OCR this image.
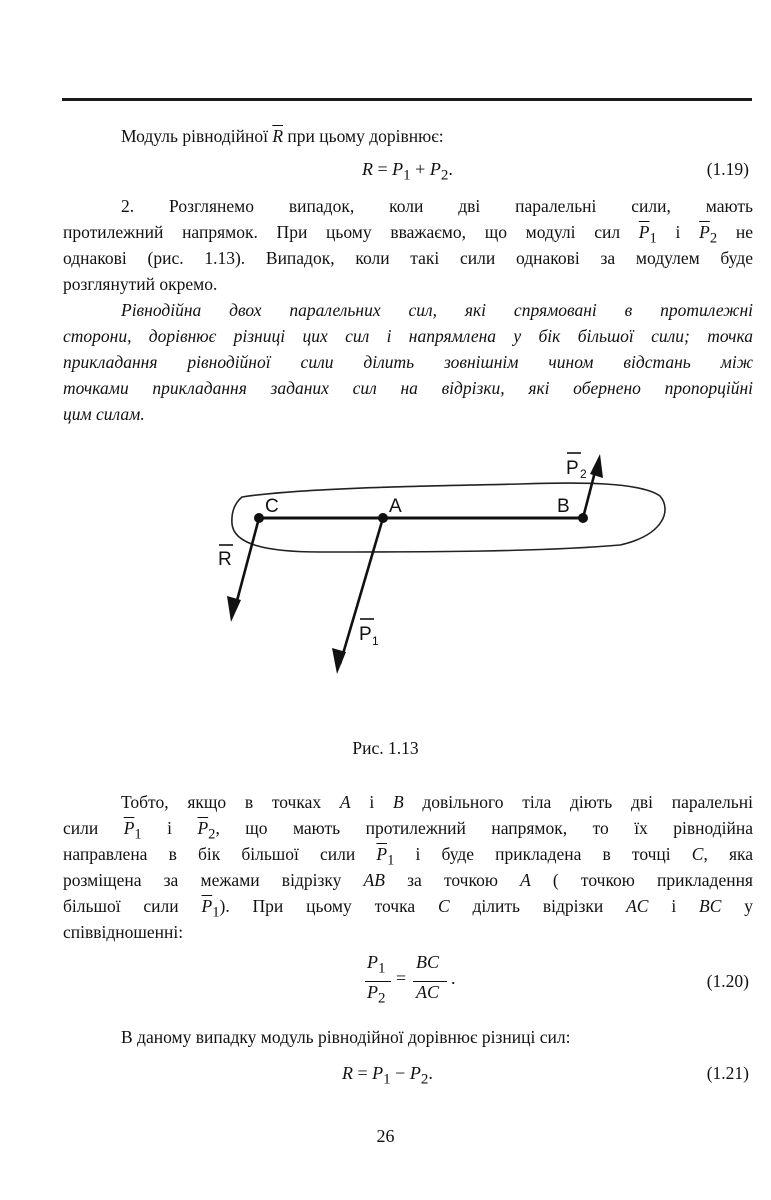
Модуль рівнодійної $\overline{R}$ при цьому дорівнює:
$R = P_1 + P_2$.	(1.19)
2. Розглянемо випадок, коли дві паралельні сили, мають
протилежний напрямок. При цьому вважаємо, що модулі сил $\overline{P}_1$ і $\overline{P}_2$ не
однакові (рис. 1.13). Випадок, коли такі сили однакові за модулем буде
розглянутий окремо.
Рівнодійна двох паралельних сил, які спрямовані в протилежні
сторони, дорівнює різниці цих сил і напрямлена у бік більшої сили; точка
прикладання рівнодійної сили ділить зовнішнім чином відстань між
точками прикладання заданих сил на відрізки, які обернено пропорційні
цим силам.
C	A	B
R
P 1
P 2
Рис. 1.13
Тобто, якщо в точках A і B довільного тіла діють дві паралельні
сили $\overline{P}_1$ і $\overline{P}_2$, що мають протилежний напрямок, то їх рівнодійна
направлена в бік більшої сили $\overline{P}_1$ і буде прикладена в точці C, яка
розміщена за межами відрізку AB за точкою A ( точкою прикладення
більшої сили $\overline{P}_1$). При цьому точка C ділить відрізки AC і BC у
співвідношенні:
$P_1$
$P_2$
=
BC
AC
.	(1.20)
В даному випадку модуль рівнодійної дорівнює різниці сил:
$R = P_1 - P_2$.	(1.21)
26
